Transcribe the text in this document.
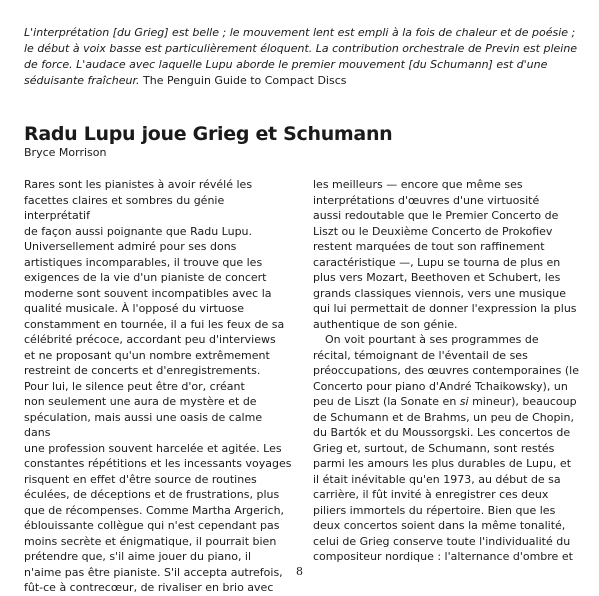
L'interprétation [du Grieg] est belle ; le mouvement lent est empli à la fois de chaleur et de poésie ; le début à voix basse est particulièrement éloquent. La contribution orchestrale de Previn est pleine de force. L'audace avec laquelle Lupu aborde le premier mouvement [du Schumann] est d'une séduisante fraîcheur. The Penguin Guide to Compact Discs
Radu Lupu joue Grieg et Schumann
Bryce Morrison

Rares sont les pianistes à avoir révélé les
facettes claires et sombres du génie interprétatif
de façon aussi poignante que Radu Lupu.
Universellement admiré pour ses dons
artistiques incomparables, il trouve que les
exigences de la vie d'un pianiste de concert
moderne sont souvent incompatibles avec la
qualité musicale. À l'opposé du virtuose
constamment en tournée, il a fui les feux de sa
célébrité précoce, accordant peu d'interviews
et ne proposant qu'un nombre extrêmement
restreint de concerts et d'enregistrements.
Pour lui, le silence peut être d'or, créant
non seulement une aura de mystère et de
spéculation, mais aussi une oasis de calme dans
une profession souvent harcelée et agitée. Les
constantes répétitions et les incessants voyages
risquent en effet d'être source de routines
éculées, de déceptions et de frustrations, plus
que de récompenses. Comme Martha Argerich,
éblouissante collègue qui n'est cependant pas
moins secrète et énigmatique, il pourrait bien
prétendre que, s'il aime jouer du piano, il
n'aime pas être pianiste. S'il accepta autrefois,
fût-ce à contrecœur, de rivaliser en brio avec

les meilleurs — encore que même ses
interprétations d'œuvres d'une virtuosité
aussi redoutable que le Premier Concerto de
Liszt ou le Deuxième Concerto de Prokofiev
restent marquées de tout son raffinement
caractéristique —, Lupu se tourna de plus en
plus vers Mozart, Beethoven et Schubert, les
grands classiques viennois, vers une musique
qui lui permettait de donner l'expression la plus
authentique de son génie.

On voit pourtant à ses programmes de
récital, témoignant de l'éventail de ses
préoccupations, des œuvres contemporaines (le
Concerto pour piano d'André Tchaikowsky), un
peu de Liszt (la Sonate en si mineur), beaucoup
de Schumann et de Brahms, un peu de Chopin,
du Bartók et du Moussorgski. Les concertos de
Grieg et, surtout, de Schumann, sont restés
parmi les amours les plus durables de Lupu, et
il était inévitable qu'en 1973, au début de sa
carrière, il fût invité à enregistrer ces deux
piliers immortels du répertoire. Bien que les
deux concertos soient dans la même tonalité,
celui de Grieg conserve toute l'individualité du
compositeur nordique : l'alternance d'ombre et

8
